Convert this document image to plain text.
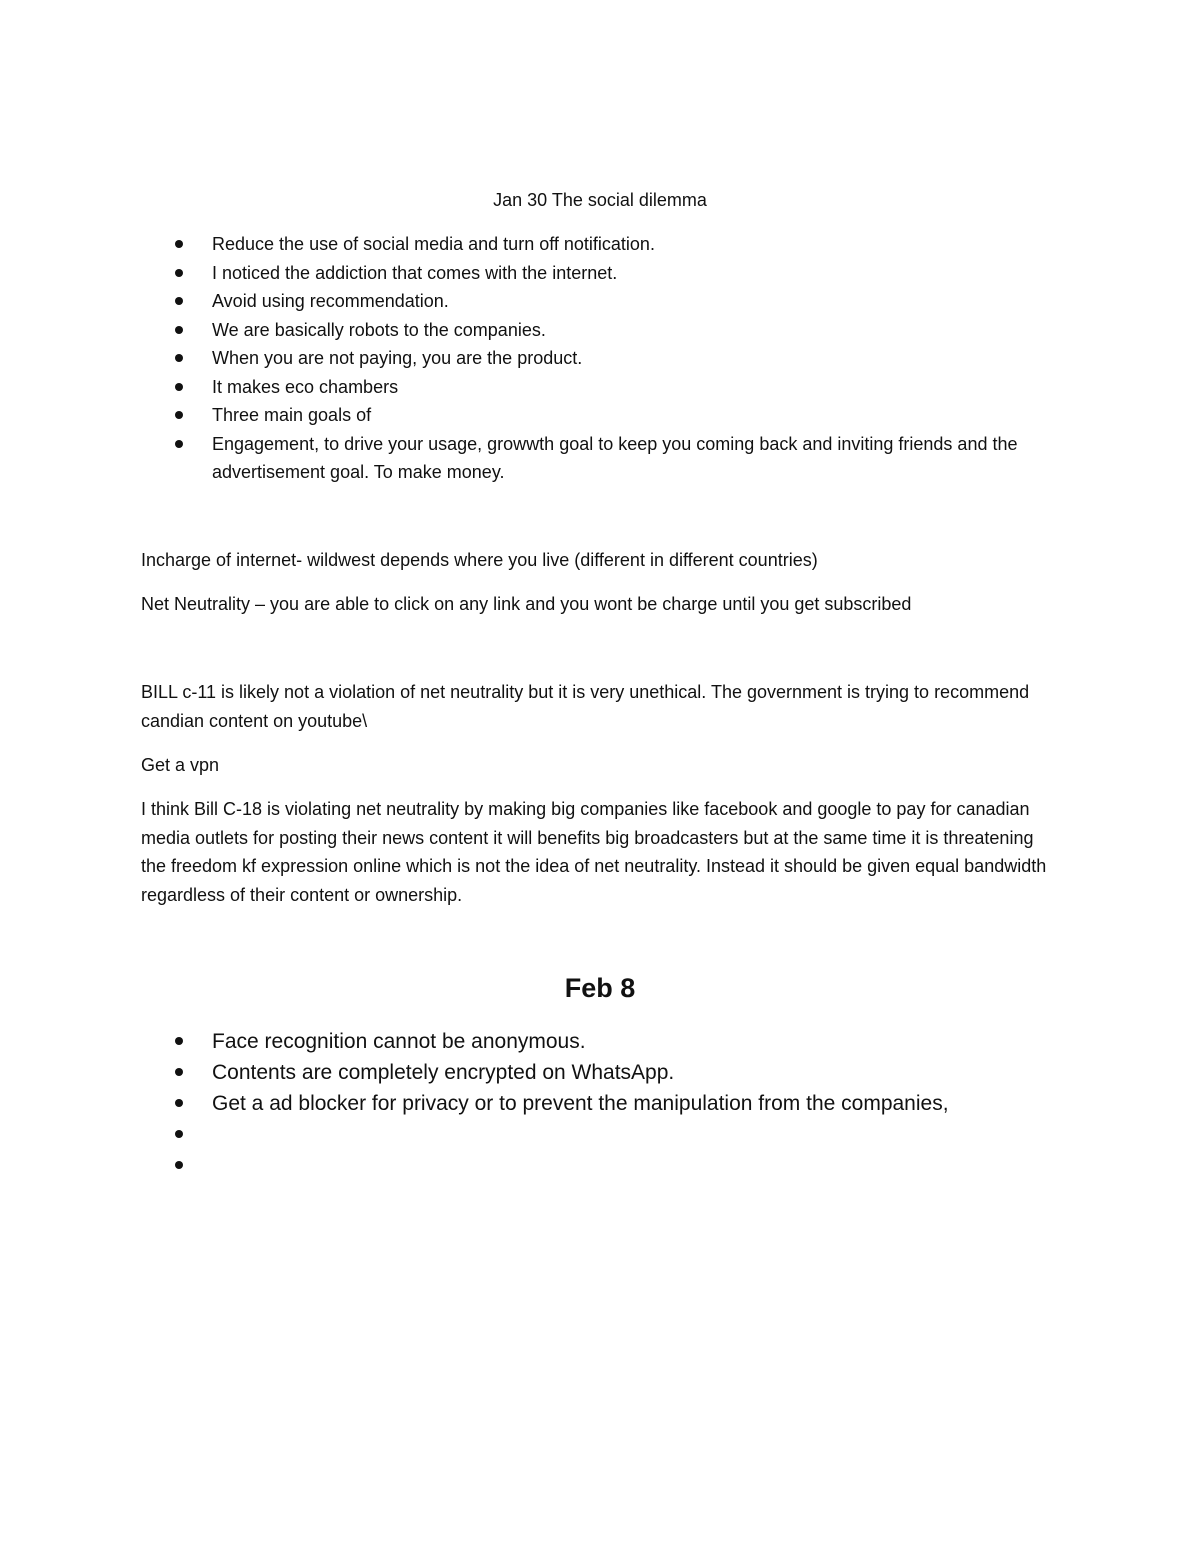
Jan 30 The social dilemma
Reduce the use of social media and turn off notification.
I noticed the addiction that comes with the internet.
Avoid using recommendation.
We are basically robots to the companies.
When you are not paying, you are the product.
It makes eco chambers
Three main goals of
Engagement, to drive your usage, growwth goal to keep you coming back and inviting friends and the advertisement goal. To make money.

Incharge of internet- wildwest depends where you live (different in different countries)

Net Neutrality – you are able to click on any link and you wont be charge until you get subscribed

BILL c-11 is likely not a violation of net neutrality but it is very unethical. The government is trying to recommend candian content on youtube\

Get a vpn

I think Bill C-18 is violating net neutrality by making big companies like facebook and google to pay for canadian media outlets for posting their news content it will benefits big broadcasters but at the same time it is threatening the freedom kf expression online which is not the idea of net neutrality. Instead it should be given equal bandwidth regardless of their content or ownership.

Feb 8
Face recognition cannot be anonymous.
Contents are completely encrypted on WhatsApp.
Get a ad blocker for privacy or to prevent the manipulation from the companies,
